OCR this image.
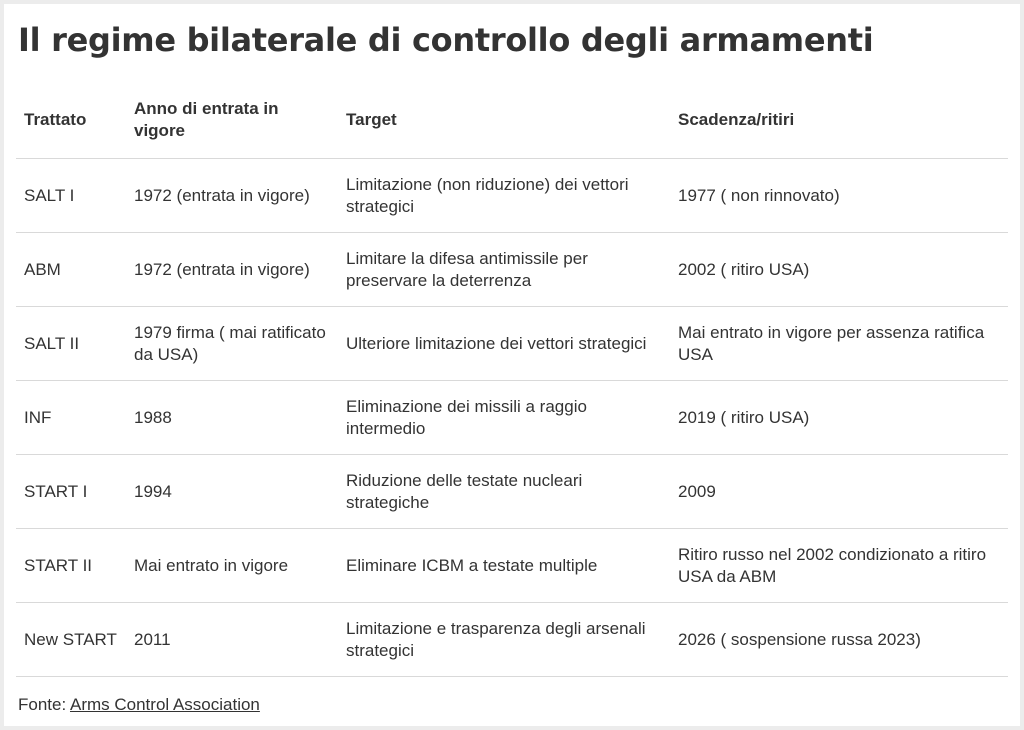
Il regime bilaterale di controllo degli armamenti
Trattato	Anno di entrata in vigore	Target	Scadenza/ritiri
SALT I	1972 (entrata in vigore)	Limitazione (non riduzione) dei vettori strategici	1977 ( non rinnovato)
ABM	1972 (entrata in vigore)	Limitare la difesa antimissile per preservare la deterrenza	2002 ( ritiro USA)
SALT II	1979 firma ( mai ratificato da USA)	Ulteriore limitazione dei vettori strategici	Mai entrato in vigore per assenza ratifica USA
INF	1988	Eliminazione dei missili a raggio intermedio	2019 ( ritiro USA)
START I	1994	Riduzione delle testate nucleari strategiche	2009
START II	Mai entrato in vigore	Eliminare ICBM a testate multiple	Ritiro russo nel 2002 condizionato a ritiro USA da ABM
New START	2011	Limitazione e trasparenza degli arsenali strategici	2026 ( sospensione russa 2023)
Fonte: Arms Control Association
